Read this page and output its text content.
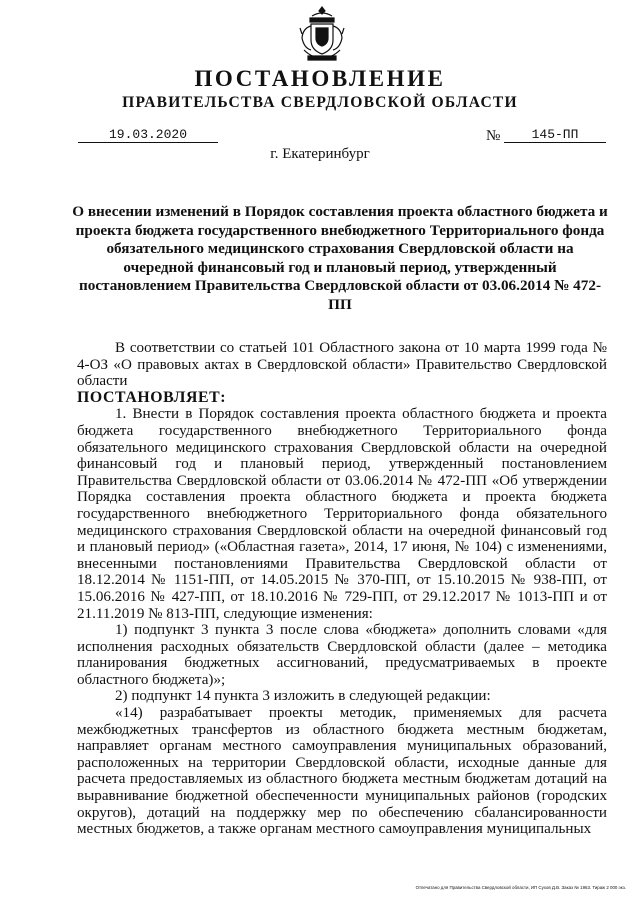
ПОСТАНОВЛЕНИЕ
ПРАВИТЕЛЬСТВА СВЕРДЛОВСКОЙ ОБЛАСТИ
19.03.2020	№	145-ПП
г. Екатеринбург
О внесении изменений в Порядок составления проекта областного бюджета и проекта бюджета государственного внебюджетного Территориального фонда обязательного медицинского страхования Свердловской области на очередной финансовый год и плановый период, утвержденный постановлением Правительства Свердловской области от 03.06.2014 № 472-ПП

В соответствии со статьей 101 Областного закона от 10 марта 1999 года № 4-ОЗ «О правовых актах в Свердловской области» Правительство Свердловской области

ПОСТАНОВЛЯЕТ:

1. Внести в Порядок составления проекта областного бюджета и проекта бюджета государственного внебюджетного Территориального фонда обязательного медицинского страхования Свердловской области на очередной финансовый год и плановый период, утвержденный постановлением Правительства Свердловской области от 03.06.2014 № 472-ПП «Об утверждении Порядка составления проекта областного бюджета и проекта бюджета государственного внебюджетного Территориального фонда обязательного медицинского страхования Свердловской области на очередной финансовый год и плановый период» («Областная газета», 2014, 17 июня, № 104) с изменениями, внесенными постановлениями Правительства Свердловской области от 18.12.2014 № 1151-ПП, от 14.05.2015 № 370-ПП, от 15.10.2015 № 938-ПП, от 15.06.2016 № 427-ПП, от 18.10.2016 № 729-ПП, от 29.12.2017 № 1013-ПП и от 21.11.2019 № 813-ПП, следующие изменения:

1) подпункт 3 пункта 3 после слова «бюджета» дополнить словами «для исполнения расходных обязательств Свердловской области (далее – методика планирования бюджетных ассигнований, предусматриваемых в проекте областного бюджета)»;

2) подпункт 14 пункта 3 изложить в следующей редакции:

«14) разрабатывает проекты методик, применяемых для расчета межбюджетных трансфертов из областного бюджета местным бюджетам, направляет органам местного самоуправления муниципальных образований, расположенных на территории Свердловской области, исходные данные для расчета предоставляемых из областного бюджета местным бюджетам дотаций на выравнивание бюджетной обеспеченности муниципальных районов (городских округов), дотаций на поддержку мер по обеспечению сбалансированности местных бюджетов, а также органам местного самоуправления муниципальных

Отпечатано для Правительства Свердловской области, ИП Сухов Д.В. Заказ № 1963. Тираж 2 000 экз.
